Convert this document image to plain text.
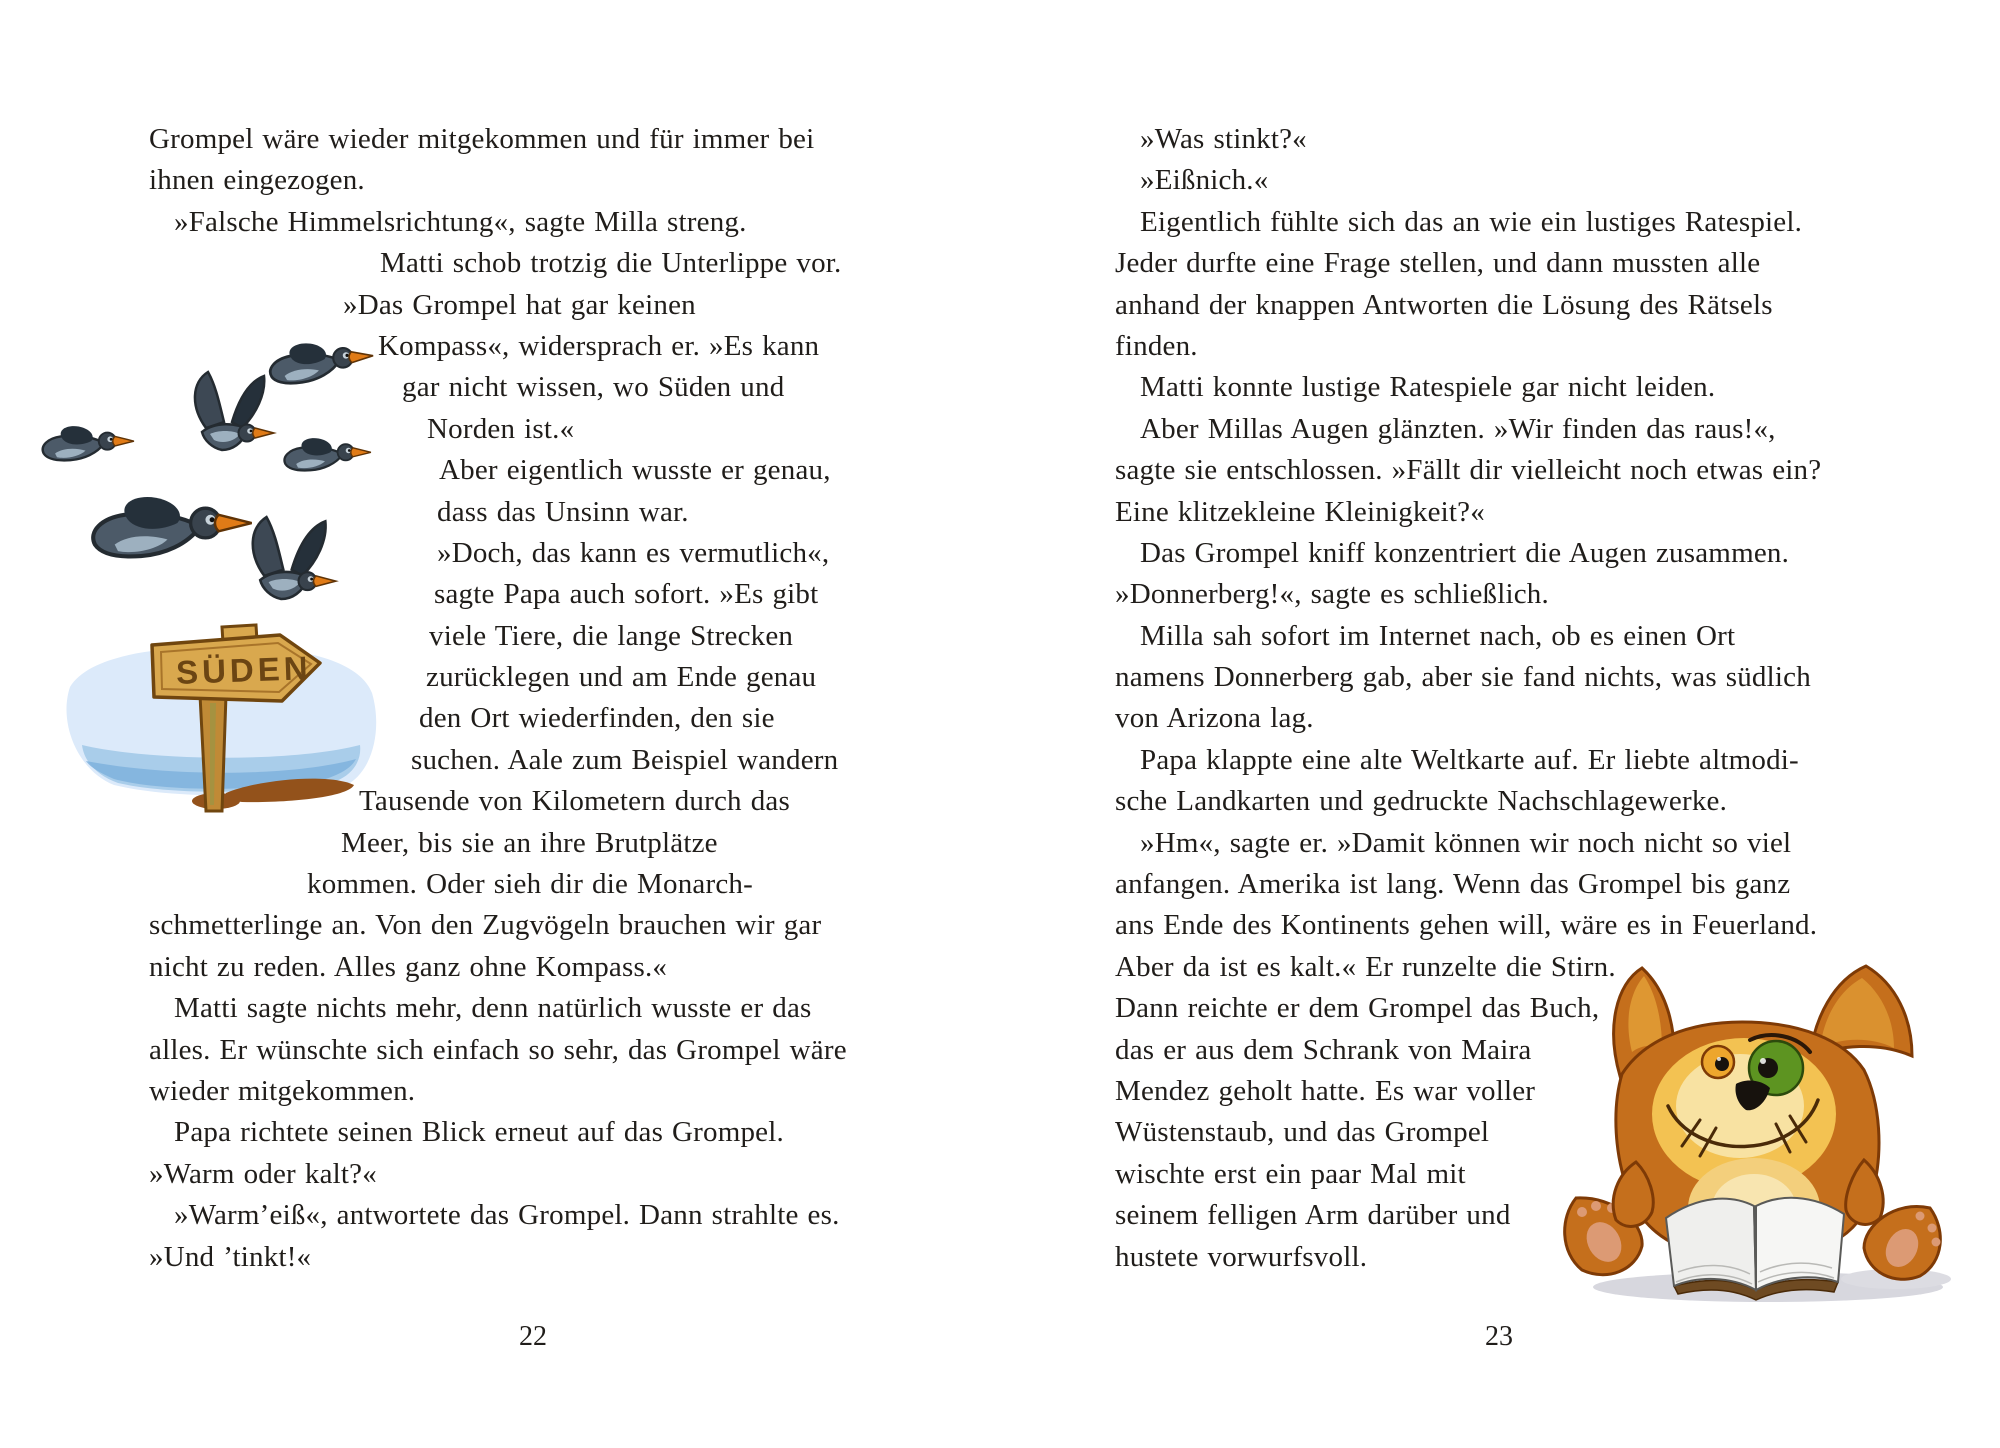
Grompel wäre wieder mitgekommen und für immer bei
ihnen eingezogen.
»Falsche Himmelsrichtung«, sagte Milla streng.
Matti schob trotzig die Unterlippe vor.
»Das Grompel hat gar keinen
Kompass«, widersprach er. »Es kann
gar nicht wissen, wo Süden und
Norden ist.«
Aber eigentlich wusste er genau,
dass das Unsinn war.
»Doch, das kann es vermutlich«,
sagte Papa auch sofort. »Es gibt
viele Tiere, die lange Strecken
zurücklegen und am Ende genau
den Ort wiederfinden, den sie
suchen. Aale zum Beispiel wandern
Tausende von Kilometern durch das
Meer, bis sie an ihre Brutplätze
kommen. Oder sieh dir die Monarch-
schmetterlinge an. Von den Zugvögeln brauchen wir gar
nicht zu reden. Alles ganz ohne Kompass.«
Matti sagte nichts mehr, denn natürlich wusste er das
alles. Er wünschte sich einfach so sehr, das Grompel wäre
wieder mitgekommen.
Papa richtete seinen Blick erneut auf das Grompel.
»Warm oder kalt?«
»Warm’eiß«, antwortete das Grompel. Dann strahlte es.
»Und ’tinkt!«
22
»Was stinkt?«
»Eißnich.«
Eigentlich fühlte sich das an wie ein lustiges Ratespiel.
Jeder durfte eine Frage stellen, und dann mussten alle
anhand der knappen Antworten die Lösung des Rätsels
finden.
Matti konnte lustige Ratespiele gar nicht leiden.
Aber Millas Augen glänzten. »Wir finden das raus!«,
sagte sie entschlossen. »Fällt dir vielleicht noch etwas ein?
Eine klitzekleine Kleinigkeit?«
Das Grompel kniff konzentriert die Augen zusammen.
»Donnerberg!«, sagte es schließlich.
Milla sah sofort im Internet nach, ob es einen Ort
namens Donnerberg gab, aber sie fand nichts, was südlich
von Arizona lag.
Papa klappte eine alte Weltkarte auf. Er liebte altmodi-
sche Landkarten und gedruckte Nachschlagewerke.
»Hm«, sagte er. »Damit können wir noch nicht so viel
anfangen. Amerika ist lang. Wenn das Grompel bis ganz
ans Ende des Kontinents gehen will, wäre es in Feuerland.
Aber da ist es kalt.« Er runzelte die Stirn.
Dann reichte er dem Grompel das Buch,
das er aus dem Schrank von Maira
Mendez geholt hatte. Es war voller
Wüstenstaub, und das Grompel
wischte erst ein paar Mal mit
seinem felligen Arm darüber und
hustete vorwurfsvoll.
23
SÜDEN
